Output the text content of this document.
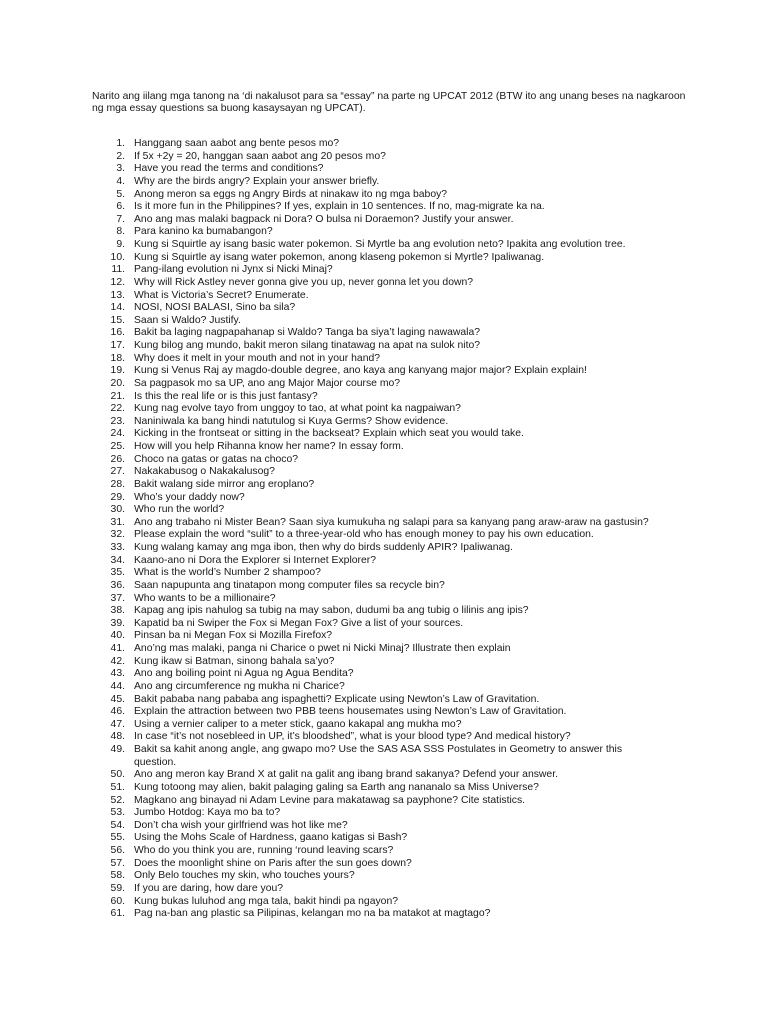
Narito ang iilang mga tanong na ‘di nakalusot para sa “essay” na parte ng UPCAT 2012 (BTW ito ang unang beses na nagkaroon ng mga essay questions sa buong kasaysayan ng UPCAT).

1. Hanggang saan aabot ang bente pesos mo?
2. If 5x +2y = 20, hanggan saan aabot ang 20 pesos mo?
3. Have you read the terms and conditions?
4. Why are the birds angry? Explain your answer briefly.
5. Anong meron sa eggs ng Angry Birds at ninakaw ito ng mga baboy?
6. Is it more fun in the Philippines? If yes, explain in 10 sentences. If no, mag-migrate ka na.
7. Ano ang mas malaki bagpack ni Dora? O bulsa ni Doraemon? Justify your answer.
8. Para kanino ka bumabangon?
9. Kung si Squirtle ay isang basic water pokemon. Si Myrtle ba ang evolution neto? Ipakita ang evolution tree.
10. Kung si Squirtle ay isang water pokemon, anong klaseng pokemon si Myrtle? Ipaliwanag.
11. Pang-ilang evolution ni Jynx si Nicki Minaj?
12. Why will Rick Astley never gonna give you up, never gonna let you down?
13. What is Victoria’s Secret? Enumerate.
14. NOSI, NOSI BALASI, Sino ba sila?
15. Saan si Waldo? Justify.
16. Bakit ba laging nagpapahanap si Waldo? Tanga ba siya’t laging nawawala?
17. Kung bilog ang mundo, bakit meron silang tinatawag na apat na sulok nito?
18. Why does it melt in your mouth and not in your hand?
19. Kung si Venus Raj ay magdo-double degree, ano kaya ang kanyang major major? Explain explain!
20. Sa pagpasok mo sa UP, ano ang Major Major course mo?
21. Is this the real life or is this just fantasy?
22. Kung nag evolve tayo from unggoy to tao, at what point ka nagpaiwan?
23. Naniniwala ka bang hindi natutulog si Kuya Germs? Show evidence.
24. Kicking in the frontseat or sitting in the backseat? Explain which seat you would take.
25. How will you help Rihanna know her name? In essay form.
26. Choco na gatas or gatas na choco?
27. Nakakabusog o Nakakalusog?
28. Bakit walang side mirror ang eroplano?
29. Who’s your daddy now?
30. Who run the world?
31. Ano ang trabaho ni Mister Bean? Saan siya kumukuha ng salapi para sa kanyang pang araw-araw na gastusin?
32. Please explain the word “sulit” to a three-year-old who has enough money to pay his own education.
33. Kung walang kamay ang mga ibon, then why do birds suddenly APIR? Ipaliwanag.
34. Kaano-ano ni Dora the Explorer si Internet Explorer?
35. What is the world’s Number 2 shampoo?
36. Saan napupunta ang tinatapon mong computer files sa recycle bin?
37. Who wants to be a millionaire?
38. Kapag ang ipis nahulog sa tubig na may sabon, dudumi ba ang tubig o lilinis ang ipis?
39. Kapatid ba ni Swiper the Fox si Megan Fox? Give a list of your sources.
40. Pinsan ba ni Megan Fox si Mozilla Firefox?
41. Ano’ng mas malaki, panga ni Charice o pwet ni Nicki Minaj? Illustrate then explain
42. Kung ikaw si Batman, sinong bahala sa’yo?
43. Ano ang boiling point ni Agua ng Agua Bendita?
44. Ano ang circumference ng mukha ni Charice?
45. Bakit pababa nang pababa ang ispaghetti? Explicate using Newton’s Law of Gravitation.
46. Explain the attraction between two PBB teens housemates using Newton’s Law of Gravitation.
47. Using a vernier caliper to a meter stick, gaano kakapal ang mukha mo?
48. In case “it’s not nosebleed in UP, it’s bloodshed”, what is your blood type? And medical history?
49. Bakit sa kahit anong angle, ang gwapo mo? Use the SAS ASA SSS Postulates in Geometry to answer this
question.
50. Ano ang meron kay Brand X at galit na galit ang ibang brand sakanya? Defend your answer.
51. Kung totoong may alien, bakit palaging galing sa Earth ang nananalo sa Miss Universe?
52. Magkano ang binayad ni Adam Levine para makatawag sa payphone? Cite statistics.
53. Jumbo Hotdog: Kaya mo ba to?
54. Don’t cha wish your girlfriend was hot like me?
55. Using the Mohs Scale of Hardness, gaano katigas si Bash?
56. Who do you think you are, running ‘round leaving scars?
57. Does the moonlight shine on Paris after the sun goes down?
58. Only Belo touches my skin, who touches yours?
59. If you are daring, how dare you?
60. Kung bukas luluhod ang mga tala, bakit hindi pa ngayon?
61. Pag na-ban ang plastic sa Pilipinas, kelangan mo na ba matakot at magtago?
